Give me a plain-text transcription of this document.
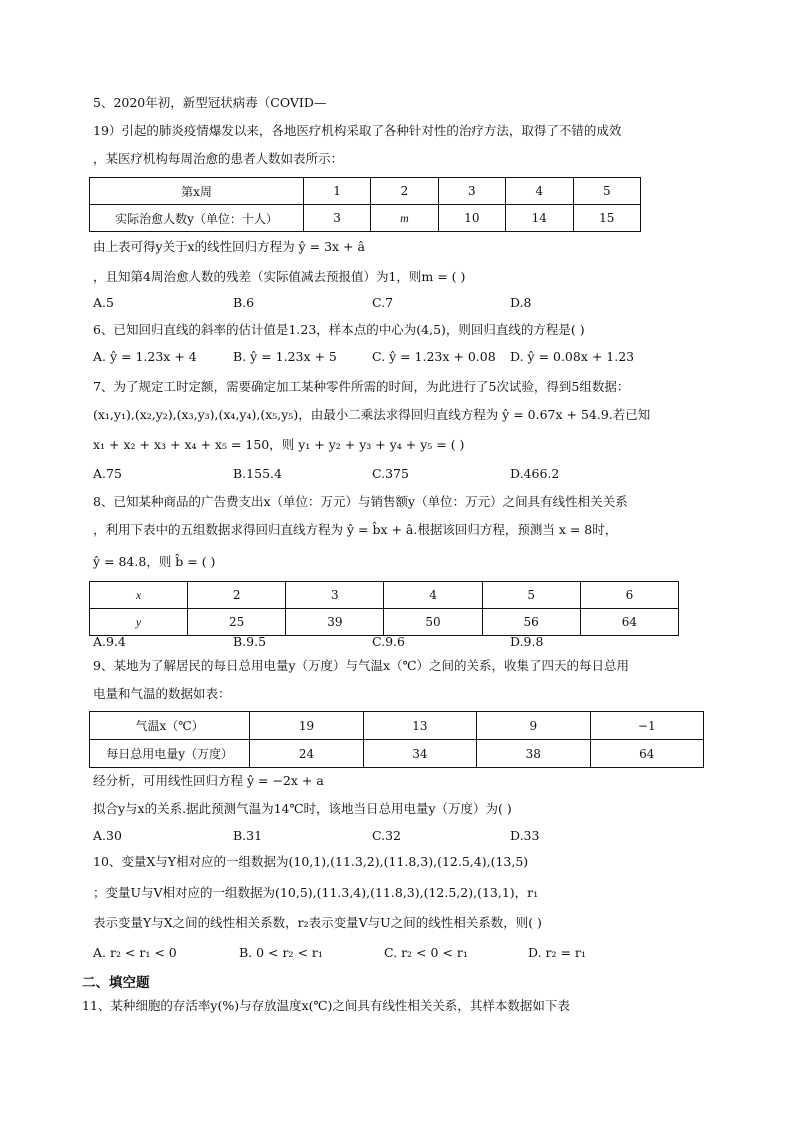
5、2020年初，新型冠状病毒（COVID—
19）引起的肺炎疫情爆发以来，各地医疗机构采取了各种针对性的治疗方法，取得了不错的成效
，某医疗机构每周治愈的患者人数如表所示：
第x周	1	2	3	4	5
实际治愈人数y（单位：十人）	3	m	10	14	15
由上表可得y关于x的线性回归方程为 ŷ = 3x + â
，且知第4周治愈人数的残差（实际值减去预报值）为1，则m = ( )
A.5	B.6	C.7	D.8
6、已知回归直线的斜率的估计值是1.23，样本点的中心为(4,5)，则回归直线的方程是( )
A. ŷ = 1.23x + 4	B. ŷ = 1.23x + 5	C. ŷ = 1.23x + 0.08 D. ŷ = 0.08x + 1.23
7、为了规定工时定额，需要确定加工某种零件所需的时间，为此进行了5次试验，得到5组数据：
(x₁,y₁),(x₂,y₂),(x₃,y₃),(x₄,y₄),(x₅,y₅)，由最小二乘法求得回归直线方程为 ŷ = 0.67x + 54.9.若已知
x₁ + x₂ + x₃ + x₄ + x₅ = 150，则 y₁ + y₂ + y₃ + y₄ + y₅ = ( )
A.75	B.155.4	C.375	D.466.2
8、已知某种商品的广告费支出x（单位：万元）与销售额y（单位：万元）之间具有线性相关关系
，利用下表中的五组数据求得回归直线方程为 ŷ = b̂x + â.根据该回归方程，预测当 x = 8时，
ŷ = 84.8，则 b̂ = ( )
x	2	3	4	5	6
y	25	39	50	56	64
A.9.4	B.9.5	C.9.6	D.9.8
9、某地为了解居民的每日总用电量y（万度）与气温x（℃）之间的关系，收集了四天的每日总用
电量和气温的数据如表：
气温x（℃）	19	13	9	−1
每日总用电量y（万度）	24	34	38	64
经分析，可用线性回归方程 ŷ = −2x + a
拟合y与x的关系.据此预测气温为14℃时，该地当日总用电量y（万度）为( )
A.30	B.31	C.32	D.33
10、变量X与Y相对应的一组数据为(10,1),(11.3,2),(11.8,3),(12.5,4),(13,5)
；变量U与V相对应的一组数据为(10,5),(11.3,4),(11.8,3),(12.5,2),(13,1)，r₁
表示变量Y与X之间的线性相关系数，r₂表示变量V与U之间的线性相关系数，则( )
A. r₂ < r₁ < 0	B. 0 < r₂ < r₁	C. r₂ < 0 < r₁	D. r₂ = r₁
二、填空题
11、某种细胞的存活率y(%)与存放温度x(℃)之间具有线性相关关系，其样本数据如下表
